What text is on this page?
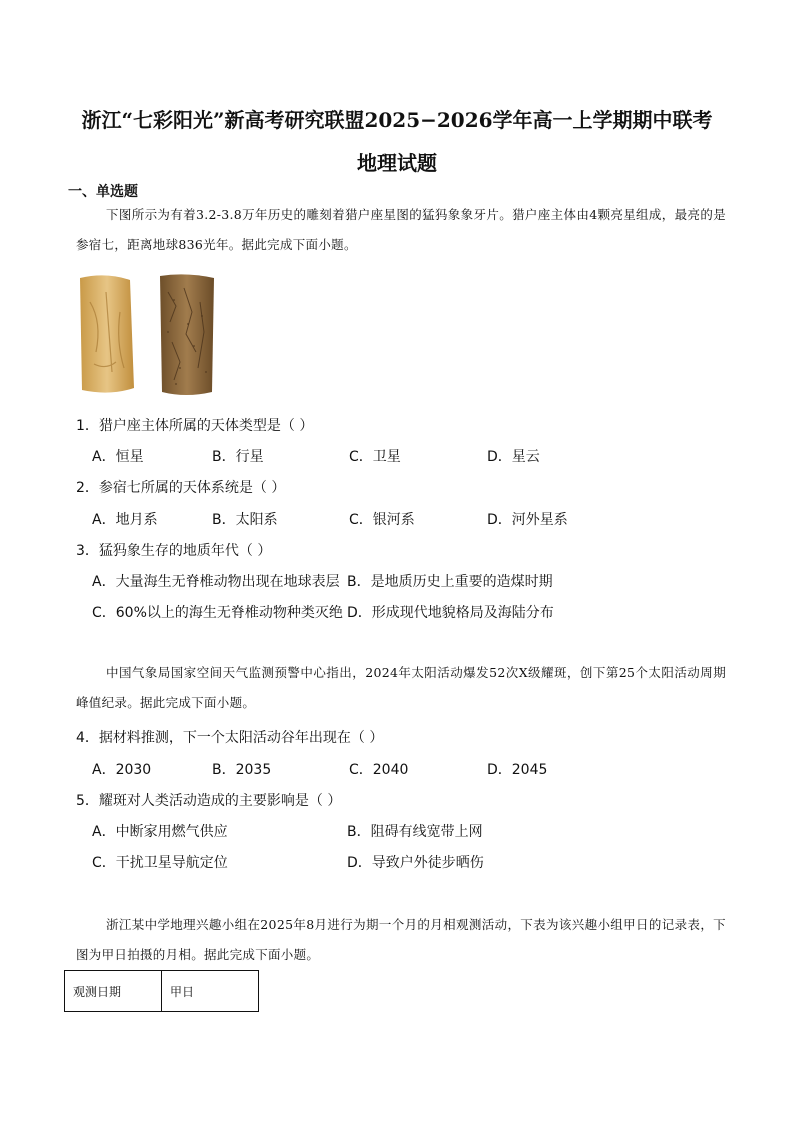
浙江“七彩阳光”新高考研究联盟2025−2026学年高一上学期期中联考
地理试题
一、单选题
下图所示为有着3.2-3.8万年历史的雕刻着猎户座星图的猛犸象象牙片。猎户座主体由4颗亮星组成，最亮的是参宿七，距离地球836光年。据此完成下面小题。
1．猎户座主体所属的天体类型是（ ）
A．恒星	B．行星	C．卫星	D．星云
2．参宿七所属的天体系统是（ ）
A．地月系	B．太阳系	C．银河系	D．河外星系
3．猛犸象生存的地质年代（ ）
A．大量海生无脊椎动物出现在地球表层 B．是地质历史上重要的造煤时期
C．60%以上的海生无脊椎动物种类灭绝 D．形成现代地貌格局及海陆分布
中国气象局国家空间天气监测预警中心指出，2024年太阳活动爆发52次X级耀斑，创下第25个太阳活动周期峰值纪录。据此完成下面小题。
4．据材料推测，下一个太阳活动谷年出现在（ ）
A．2030	B．2035	C．2040	D．2045
5．耀斑对人类活动造成的主要影响是（ ）
A．中断家用燃气供应	B．阻碍有线宽带上网
C．干扰卫星导航定位	D．导致户外徒步晒伤
浙江某中学地理兴趣小组在2025年8月进行为期一个月的月相观测活动，下表为该兴趣小组甲日的记录表，下图为甲日拍摄的月相。据此完成下面小题。
观测日期	甲日
